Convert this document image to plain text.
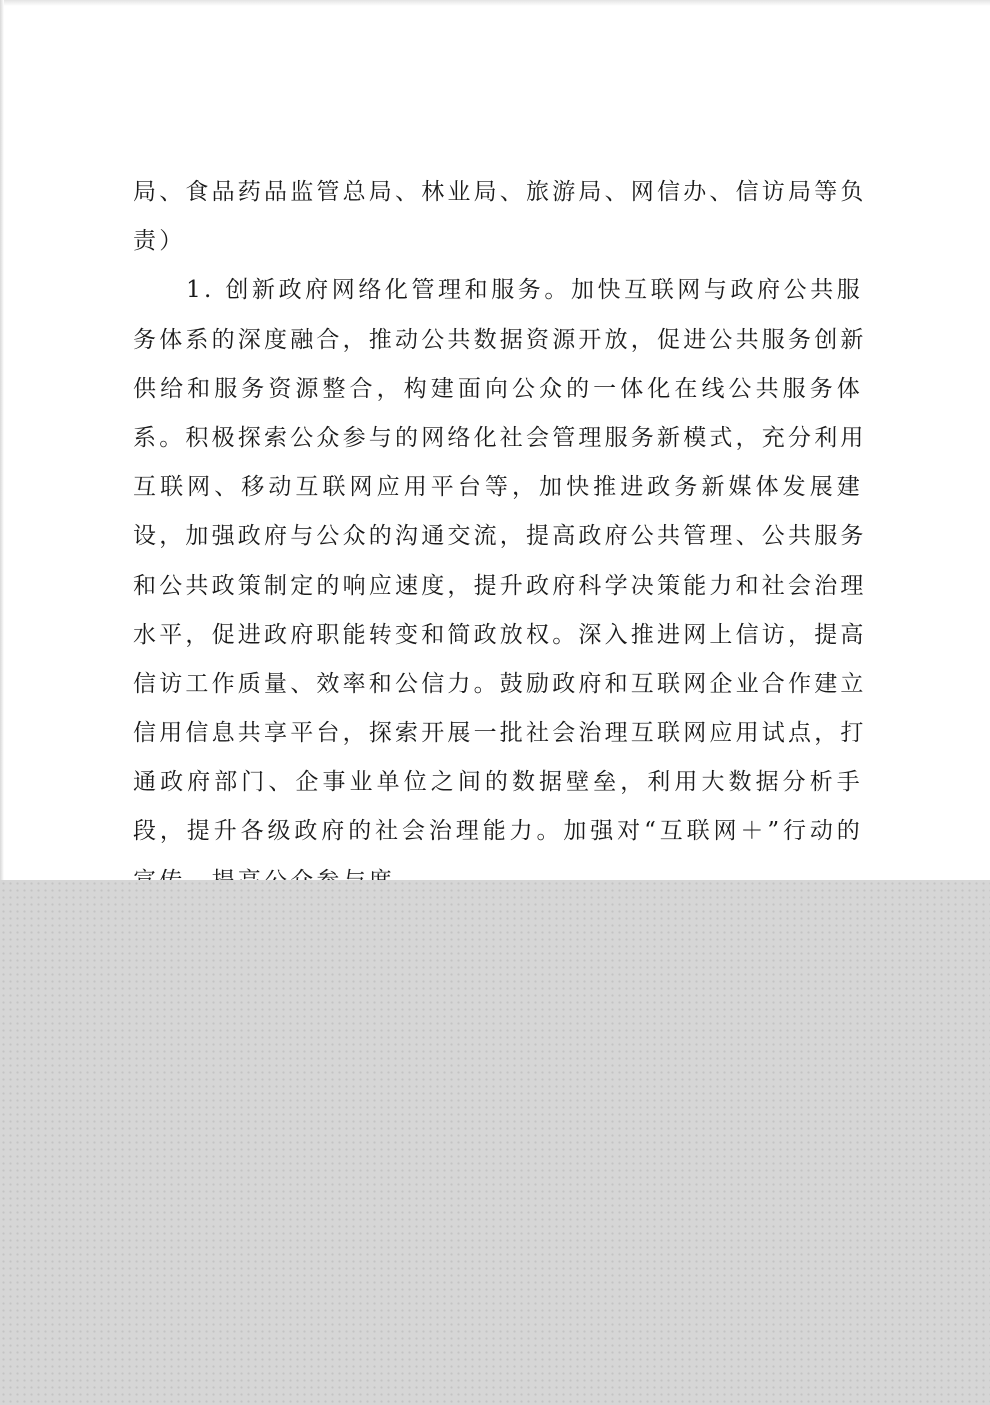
局、食品药品监管总局、林业局、旅游局、网信办、信访局等负
责）
　　1. 创新政府网络化管理和服务。加快互联网与政府公共服
务体系的深度融合，推动公共数据资源开放，促进公共服务创新
供给和服务资源整合，构建面向公众的一体化在线公共服务体
系。积极探索公众参与的网络化社会管理服务新模式，充分利用
互联网、移动互联网应用平台等，加快推进政务新媒体发展建
设，加强政府与公众的沟通交流，提高政府公共管理、公共服务
和公共政策制定的响应速度，提升政府科学决策能力和社会治理
水平，促进政府职能转变和简政放权。深入推进网上信访，提高
信访工作质量、效率和公信力。鼓励政府和互联网企业合作建立
信用信息共享平台，探索开展一批社会治理互联网应用试点，打
通政府部门、企事业单位之间的数据壁垒，利用大数据分析手
段，提升各级政府的社会治理能力。加强对“互联网＋”行动的
